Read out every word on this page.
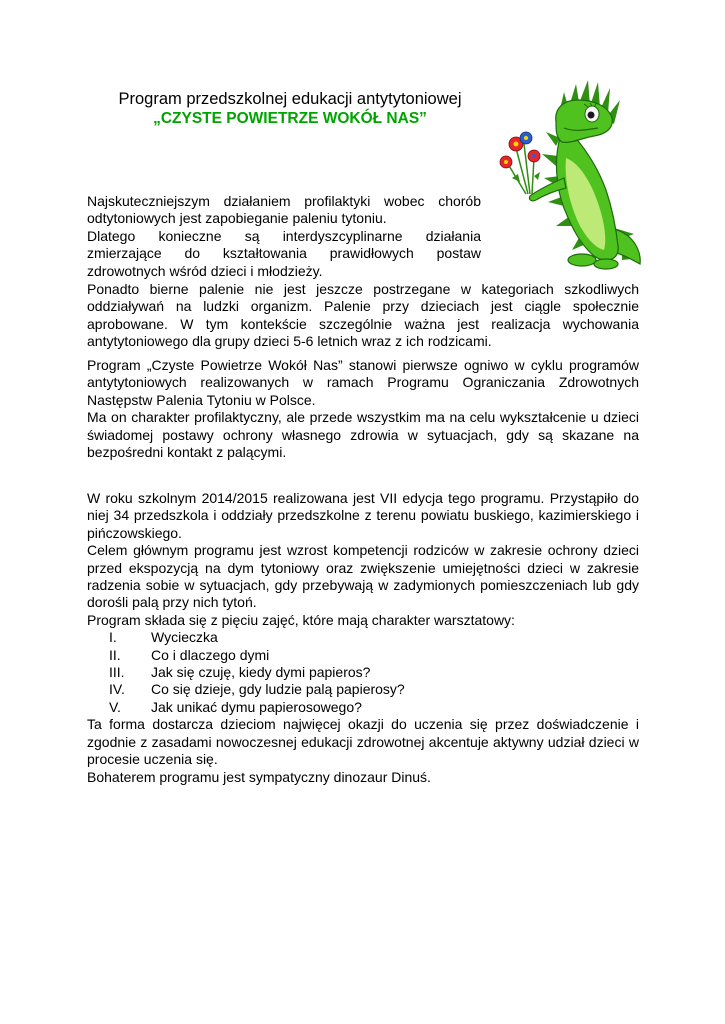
Program przedszkolnej edukacji antytytoniowej
„CZYSTE POWIETRZE WOKÓŁ NAS”

Najskuteczniejszym działaniem profilaktyki wobec chorób odtytoniowych jest zapobieganie paleniu tytoniu.

Dlatego konieczne są interdyszcyplinarne działania zmierzające do kształtowania prawidłowych postaw zdrowotnych wśród dzieci i młodzieży.

Ponadto bierne palenie nie jest jeszcze postrzegane w kategoriach szkodliwych oddziaływań na ludzki organizm. Palenie przy dzieciach jest ciągle społecznie aprobowane. W tym kontekście szczególnie ważna jest realizacja wychowania antytytoniowego dla grupy dzieci 5-6 letnich wraz z ich rodzicami.

Program „Czyste Powietrze Wokół Nas” stanowi pierwsze ogniwo w cyklu programów antytytoniowych realizowanych w ramach Programu Ograniczania Zdrowotnych Następstw Palenia Tytoniu w Polsce.

Ma on charakter profilaktyczny, ale przede wszystkim ma na celu wykształcenie u dzieci świadomej postawy ochrony własnego zdrowia w sytuacjach, gdy są skazane na bezpośredni kontakt z palącymi.

W roku szkolnym 2014/2015 realizowana jest VII edycja tego programu. Przystąpiło do niej 34 przedszkola i oddziały przedszkolne z terenu powiatu buskiego, kazimierskiego i pińczowskiego.

Celem głównym programu jest wzrost kompetencji rodziców w zakresie ochrony dzieci przed ekspozycją na dym tytoniowy oraz zwiększenie umiejętności dzieci w zakresie radzenia sobie w sytuacjach, gdy przebywają w zadymionych pomieszczeniach lub gdy dorośli palą przy nich tytoń.

Program składa się z pięciu zajęć, które mają charakter warsztatowy:

I. Wycieczka
II. Co i dlaczego dymi
III. Jak się czuję, kiedy dymi papieros?
IV. Co się dzieje, gdy ludzie palą papierosy?
V. Jak unikać dymu papierosowego?

Ta forma dostarcza dzieciom najwięcej okazji do uczenia się przez doświadczenie i zgodnie z zasadami nowoczesnej edukacji zdrowotnej akcentuje aktywny udział dzieci w procesie uczenia się.

Bohaterem programu jest sympatyczny dinozaur Dinuś.
